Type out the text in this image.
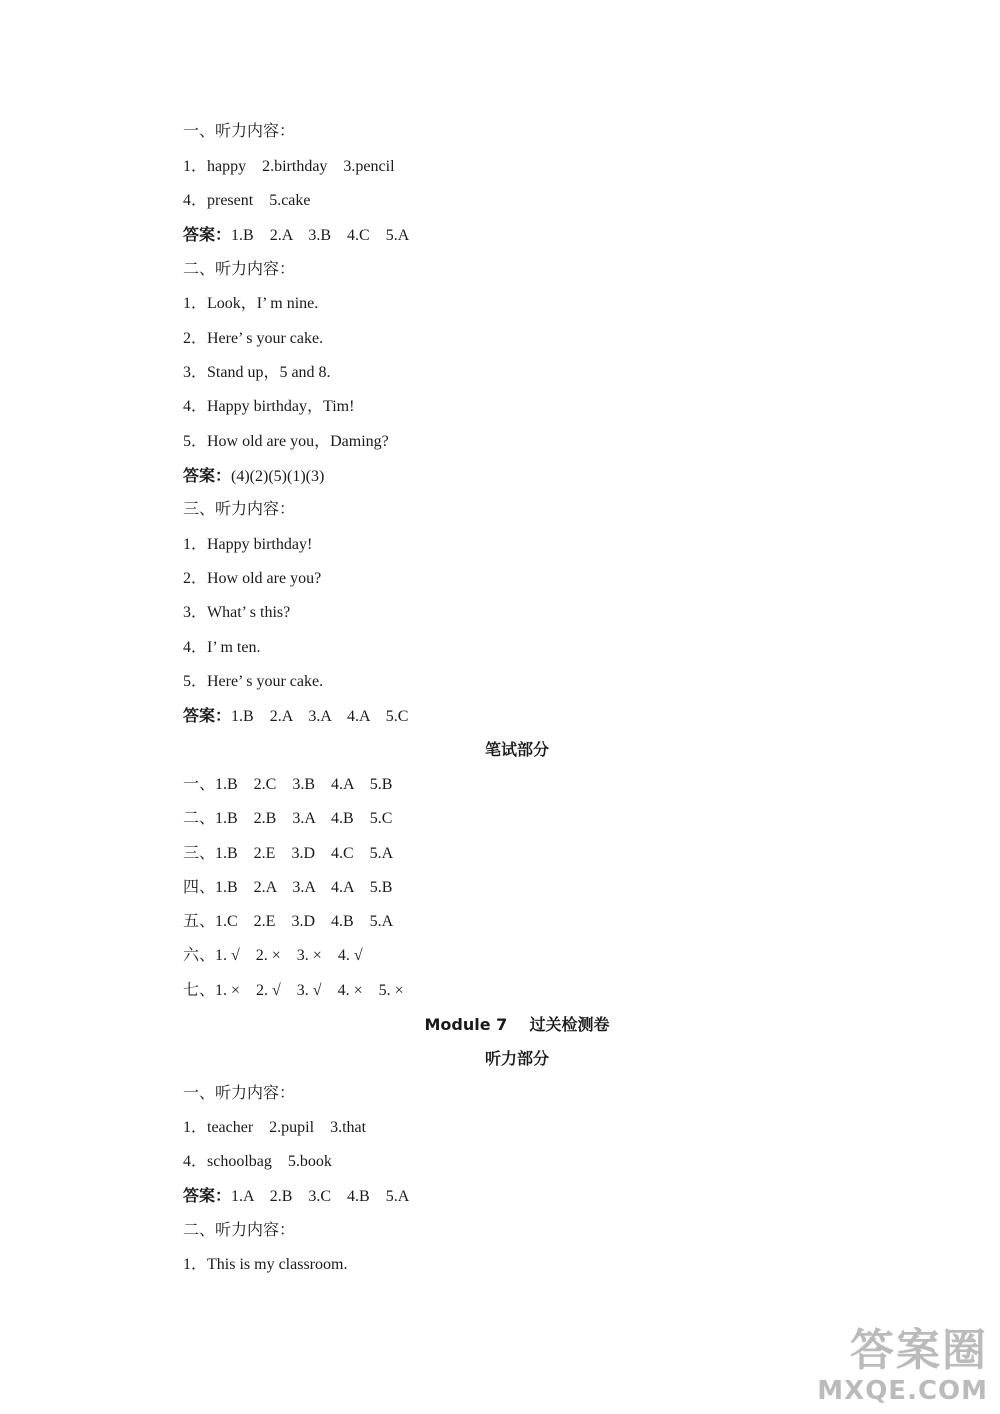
一、听力内容：
1．happy    2.birthday    3.pencil
4．present    5.cake
答案：1.B    2.A    3.B    4.C    5.A
二、听力内容：
1．Look，I’ m nine.
2．Here’ s your cake.
3．Stand up，5 and 8.
4．Happy birthday，Tim!
5．How old are you，Daming?
答案：(4)(2)(5)(1)(3)
三、听力内容：
1．Happy birthday!
2．How old are you?
3．What’ s this?
4．I’ m ten.
5．Here’ s your cake.
答案：1.B    2.A    3.A    4.A    5.C
笔试部分
一、1.B    2.C    3.B    4.A    5.B
二、1.B    2.B    3.A    4.B    5.C
三、1.B    2.E    3.D    4.C    5.A
四、1.B    2.A    3.A    4.A    5.B
五、1.C    2.E    3.D    4.B    5.A
六、1. √    2. ×    3. ×    4. √
七、1. ×    2. √    3. √    4. ×    5. ×
Module 7    过关检测卷
听力部分
一、听力内容：
1．teacher    2.pupil    3.that
4．schoolbag    5.book
答案：1.A    2.B    3.C    4.B    5.A
二、听力内容：
1．This is my classroom.
答案圈
MXQE.COM
